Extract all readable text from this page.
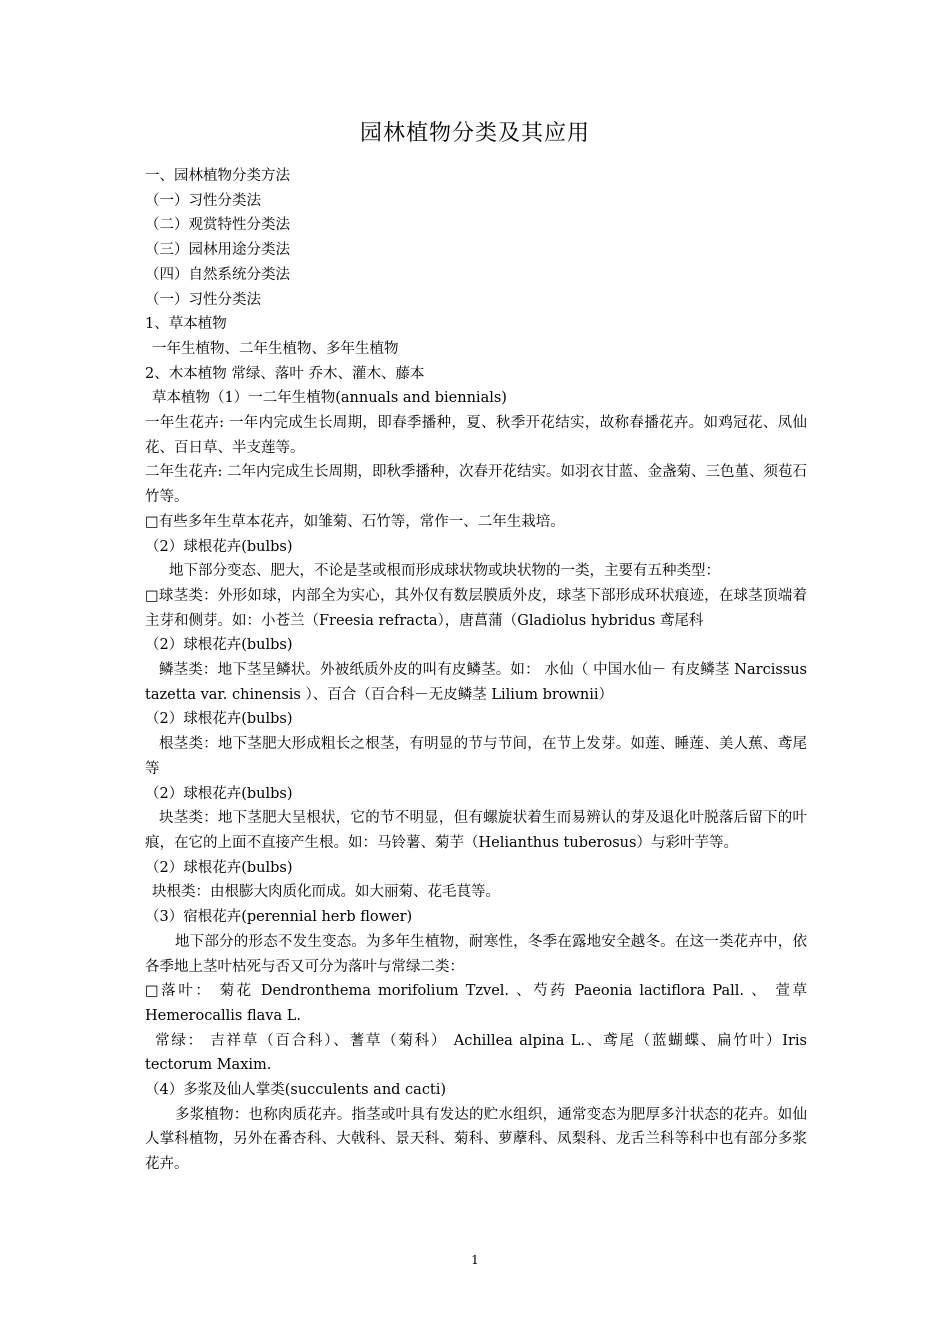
园林植物分类及其应用

一、园林植物分类方法

（一）习性分类法

（二）观赏特性分类法

（三）园林用途分类法

（四）自然系统分类法

（一）习性分类法

1、草本植物

一年生植物、二年生植物、多年生植物

2、木本植物 常绿、落叶 乔木、灌木、藤本

草本植物（1）一二年生植物(annuals and biennials)

一年生花卉: 一年内完成生长周期，即春季播种，夏、秋季开花结实，故称春播花卉。如鸡冠花、凤仙花、百日草、半支莲等。

二年生花卉: 二年内完成生长周期，即秋季播种，次春开花结实。如羽衣甘蓝、金盏菊、三色堇、须苞石竹等。

□有些多年生草本花卉，如雏菊、石竹等，常作一、二年生栽培。

（2）球根花卉(bulbs)

地下部分变态、肥大，不论是茎或根而形成球状物或块状物的一类，主要有五种类型：

□球茎类：外形如球，内部全为实心，其外仅有数层膜质外皮，球茎下部形成环状痕迹，在球茎顶端着主芽和侧芽。如：小苍兰（Freesia refracta），唐菖蒲（Gladiolus hybridus 鸢尾科

（2）球根花卉(bulbs)

鳞茎类：地下茎呈鳞状。外被纸质外皮的叫有皮鳞茎。如： 水仙（ 中国水仙－ 有皮鳞茎 Narcissus tazetta var. chinensis ）、百合（百合科－无皮鳞茎 Lilium brownii）

（2）球根花卉(bulbs)

根茎类：地下茎肥大形成粗长之根茎，有明显的节与节间，在节上发芽。如莲、睡莲、美人蕉、鸢尾等

（2）球根花卉(bulbs)

块茎类：地下茎肥大呈根状，它的节不明显，但有螺旋状着生而易辨认的芽及退化叶脱落后留下的叶痕，在它的上面不直接产生根。如：马铃薯、菊芋（Helianthus tuberosus）与彩叶芋等。

（2）球根花卉(bulbs)

块根类：由根膨大肉质化而成。如大丽菊、花毛茛等。

（3）宿根花卉(perennial herb flower)

地下部分的形态不发生变态。为多年生植物，耐寒性，冬季在露地安全越冬。在这一类花卉中，依各季地上茎叶枯死与否又可分为落叶与常绿二类：

□落叶： 菊花 Dendronthema morifolium Tzvel. 、芍药 Paeonia lactiflora Pall. 、 萱草 Hemerocallis flava L.

常绿： 吉祥草（百合科）、蓍草（菊科） Achillea alpina L.、鸢尾（蓝蝴蝶、扁竹叶）Iris tectorum Maxim.

（4）多浆及仙人掌类(succulents and cacti)

多浆植物：也称肉质花卉。指茎或叶具有发达的贮水组织，通常变态为肥厚多汁状态的花卉。如仙人掌科植物，另外在番杏科、大戟科、景天科、菊科、萝藦科、凤梨科、龙舌兰科等科中也有部分多浆花卉。

1
